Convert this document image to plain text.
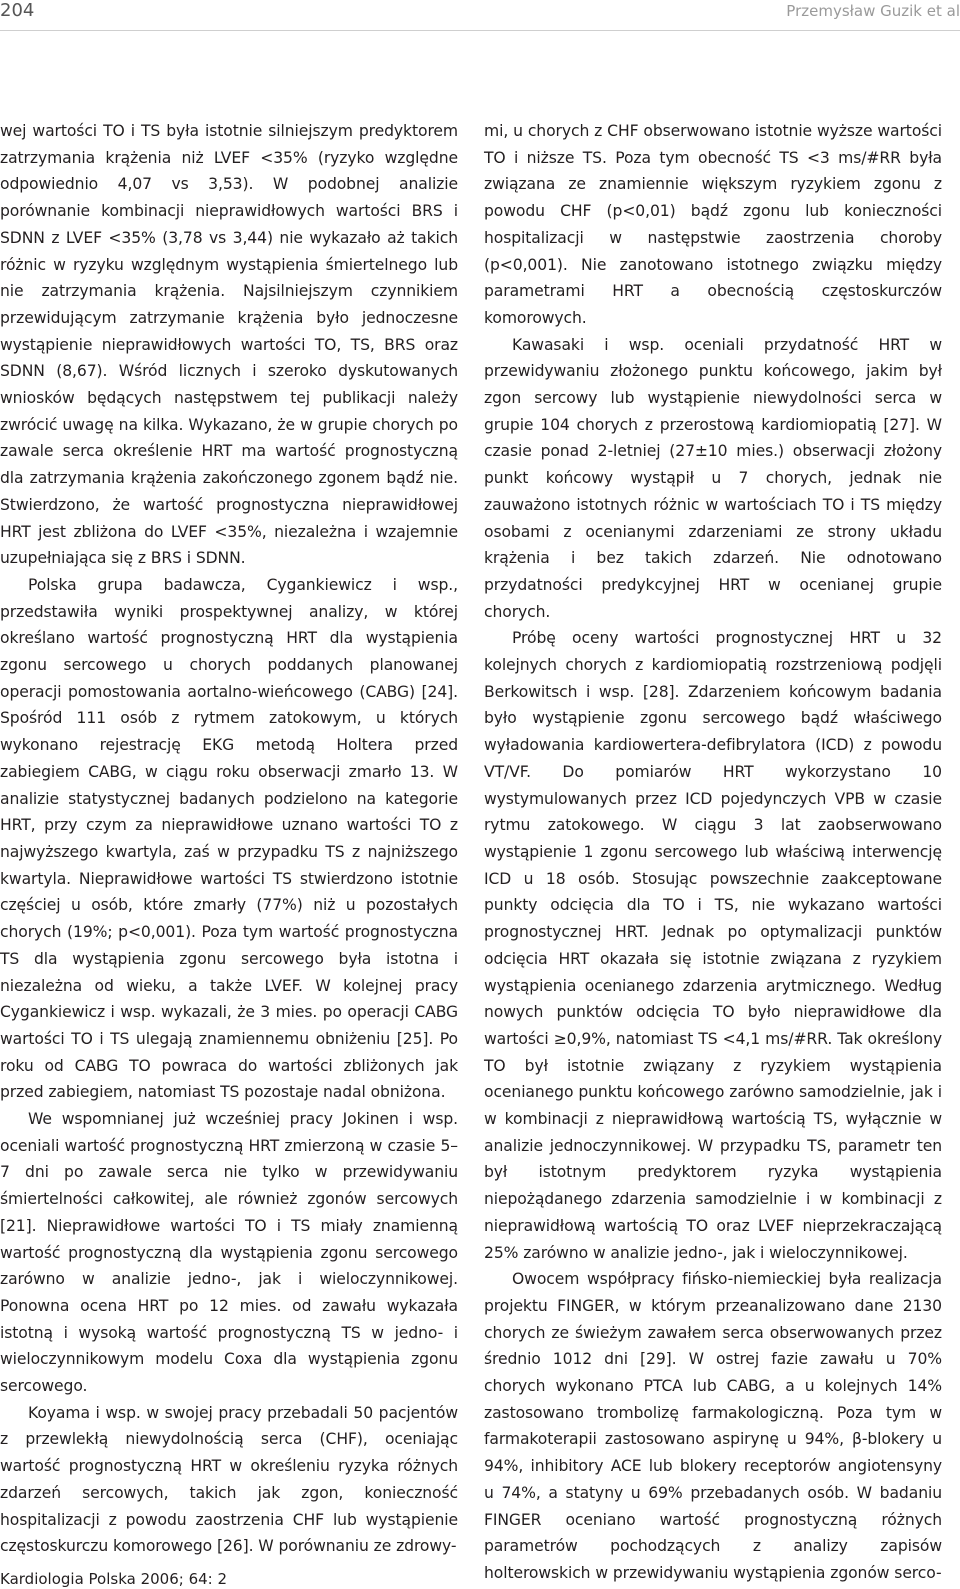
204	Przemysław Guzik et al

wej wartości TO i TS była istotnie silniejszym predyktorem zatrzymania krążenia niż LVEF <35% (ryzyko względne odpowiednio 4,07 vs 3,53). W podobnej analizie porównanie kombinacji nieprawidłowych wartości BRS i SDNN z LVEF <35% (3,78 vs 3,44) nie wykazało aż takich różnic w ryzyku względnym wystąpienia śmiertelnego lub nie zatrzymania krążenia. Najsilniejszym czynnikiem przewidującym zatrzymanie krążenia było jednoczesne wystąpienie nieprawidłowych wartości TO, TS, BRS oraz SDNN (8,67). Wśród licznych i szeroko dyskutowanych wniosków będących następstwem tej publikacji należy zwrócić uwagę na kilka. Wykazano, że w grupie chorych po zawale serca określenie HRT ma wartość prognostyczną dla zatrzymania krążenia zakończonego zgonem bądź nie. Stwierdzono, że wartość prognostyczna nieprawidłowej HRT jest zbliżona do LVEF <35%, niezależna i wzajemnie uzupełniająca się z BRS i SDNN.

Polska grupa badawcza, Cygankiewicz i wsp., przedstawiła wyniki prospektywnej analizy, w której określano wartość prognostyczną HRT dla wystąpienia zgonu sercowego u chorych poddanych planowanej operacji pomostowania aortalno-wieńcowego (CABG) [24]. Spośród 111 osób z rytmem zatokowym, u których wykonano rejestrację EKG metodą Holtera przed zabiegiem CABG, w ciągu roku obserwacji zmarło 13. W analizie statystycznej badanych podzielono na kategorie HRT, przy czym za nieprawidłowe uznano wartości TO z najwyższego kwartyla, zaś w przypadku TS z najniższego kwartyla. Nieprawidłowe wartości TS stwierdzono istotnie częściej u osób, które zmarły (77%) niż u pozostałych chorych (19%; p<0,001). Poza tym wartość prognostyczna TS dla wystąpienia zgonu sercowego była istotna i niezależna od wieku, a także LVEF. W kolejnej pracy Cygankiewicz i wsp. wykazali, że 3 mies. po operacji CABG wartości TO i TS ulegają znamiennemu obniżeniu [25]. Po roku od CABG TO powraca do wartości zbliżonych jak przed zabiegiem, natomiast TS pozostaje nadal obniżona.

We wspomnianej już wcześniej pracy Jokinen i wsp. oceniali wartość prognostyczną HRT zmierzoną w czasie 5–7 dni po zawale serca nie tylko w przewidywaniu śmiertelności całkowitej, ale również zgonów sercowych [21]. Nieprawidłowe wartości TO i TS miały znamienną wartość prognostyczną dla wystąpienia zgonu sercowego zarówno w analizie jedno-, jak i wieloczynnikowej. Ponowna ocena HRT po 12 mies. od zawału wykazała istotną i wysoką wartość prognostyczną TS w jedno- i wieloczynnikowym modelu Coxa dla wystąpienia zgonu sercowego.

Koyama i wsp. w swojej pracy przebadali 50 pacjentów z przewlekłą niewydolnością serca (CHF), oceniając wartość prognostyczną HRT w określeniu ryzyka różnych zdarzeń sercowych, takich jak zgon, konieczność hospitalizacji z powodu zaostrzenia CHF lub wystąpienie częstoskurczu komorowego [26]. W porównaniu ze zdrowy-

mi, u chorych z CHF obserwowano istotnie wyższe wartości TO i niższe TS. Poza tym obecność TS <3 ms/#RR była związana ze znamiennie większym ryzykiem zgonu z powodu CHF (p<0,01) bądź zgonu lub konieczności hospitalizacji w następstwie zaostrzenia choroby (p<0,001). Nie zanotowano istotnego związku między parametrami HRT a obecnością częstoskurczów komorowych.

Kawasaki i wsp. oceniali przydatność HRT w przewidywaniu złożonego punktu końcowego, jakim był zgon sercowy lub wystąpienie niewydolności serca w grupie 104 chorych z przerostową kardiomiopatią [27]. W czasie ponad 2-letniej (27±10 mies.) obserwacji złożony punkt końcowy wystąpił u 7 chorych, jednak nie zauważono istotnych różnic w wartościach TO i TS między osobami z ocenianymi zdarzeniami ze strony układu krążenia i bez takich zdarzeń. Nie odnotowano przydatności predykcyjnej HRT w ocenianej grupie chorych.

Próbę oceny wartości prognostycznej HRT u 32 kolejnych chorych z kardiomiopatią rozstrzeniową podjęli Berkowitsch i wsp. [28]. Zdarzeniem końcowym badania było wystąpienie zgonu sercowego bądź właściwego wyładowania kardiowertera-defibrylatora (ICD) z powodu VT/VF. Do pomiarów HRT wykorzystano 10 wystymulowanych przez ICD pojedynczych VPB w czasie rytmu zatokowego. W ciągu 3 lat zaobserwowano wystąpienie 1 zgonu sercowego lub właściwą interwencję ICD u 18 osób. Stosując powszechnie zaakceptowane punkty odcięcia dla TO i TS, nie wykazano wartości prognostycznej HRT. Jednak po optymalizacji punktów odcięcia HRT okazała się istotnie związana z ryzykiem wystąpienia ocenianego zdarzenia arytmicznego. Według nowych punktów odcięcia TO było nieprawidłowe dla wartości ≥0,9%, natomiast TS <4,1 ms/#RR. Tak określony TO był istotnie związany z ryzykiem wystąpienia ocenianego punktu końcowego zarówno samodzielnie, jak i w kombinacji z nieprawidłową wartością TS, wyłącznie w analizie jednoczynnikowej. W przypadku TS, parametr ten był istotnym predyktorem ryzyka wystąpienia niepożądanego zdarzenia samodzielnie i w kombinacji z nieprawidłową wartością TO oraz LVEF nieprzekraczającą 25% zarówno w analizie jedno-, jak i wieloczynnikowej.

Owocem współpracy fińsko-niemieckiej była realizacja projektu FINGER, w którym przeanalizowano dane 2130 chorych ze świeżym zawałem serca obserwowanych przez średnio 1012 dni [29]. W ostrej fazie zawału u 70% chorych wykonano PTCA lub CABG, a u kolejnych 14% zastosowano trombolizę farmakologiczną. Poza tym w farmakoterapii zastosowano aspirynę u 94%, β-blokery u 94%, inhibitory ACE lub blokery receptorów angiotensyny u 74%, a statyny u 69% przebadanych osób. W badaniu FINGER oceniano wartość prognostyczną różnych parametrów pochodzących z analizy zapisów holterowskich w przewidywaniu wystąpienia zgonów serco-

Kardiologia Polska 2006; 64: 2
